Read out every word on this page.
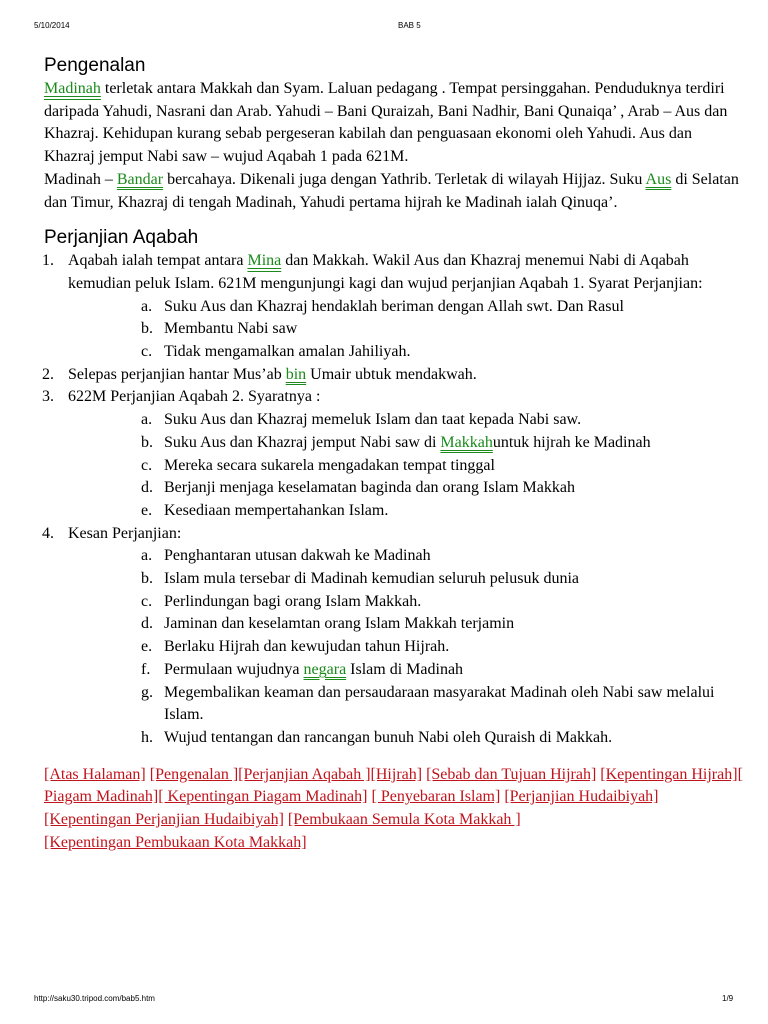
5/10/2014	BAB 5
Pengenalan

Madinah terletak antara Makkah dan Syam. Laluan pedagang . Tempat persinggahan. Penduduknya terdiri daripada Yahudi, Nasrani dan Arab. Yahudi – Bani Quraizah, Bani Nadhir, Bani Qunaiqa’ , Arab – Aus dan Khazraj. Kehidupan kurang sebab pergeseran kabilah dan penguasaan ekonomi oleh Yahudi. Aus dan Khazraj jemput Nabi saw – wujud Aqabah 1 pada 621M.

Madinah – Bandar bercahaya. Dikenali juga dengan Yathrib. Terletak di wilayah Hijjaz. Suku Aus di Selatan dan Timur, Khazraj di tengah Madinah, Yahudi pertama hijrah ke Madinah ialah Qinuqa’.

Perjanjian Aqabah
1. Aqabah ialah tempat antara Mina dan Makkah. Wakil Aus dan Khazraj menemui Nabi di Aqabah kemudian peluk Islam. 621M mengunjungi kagi dan wujud perjanjian Aqabah 1. Syarat Perjanjian:
a. Suku Aus dan Khazraj hendaklah beriman dengan Allah swt. Dan Rasul
b. Membantu Nabi saw
c. Tidak mengamalkan amalan Jahiliyah.
2. Selepas perjanjian hantar Mus’ab bin Umair ubtuk mendakwah.
3. 622M Perjanjian Aqabah 2. Syaratnya :
a. Suku Aus dan Khazraj memeluk Islam dan taat kepada Nabi saw.
b. Suku Aus dan Khazraj jemput Nabi saw di Makkahuntuk hijrah ke Madinah
c. Mereka secara sukarela mengadakan tempat tinggal
d. Berjanji menjaga keselamatan baginda dan orang Islam Makkah
e. Kesediaan mempertahankan Islam.
4. Kesan Perjanjian:
a. Penghantaran utusan dakwah ke Madinah
b. Islam mula tersebar di Madinah kemudian seluruh pelusuk dunia
c. Perlindungan bagi orang Islam Makkah.
d. Jaminan dan keselamtan orang Islam Makkah terjamin
e. Berlaku Hijrah dan kewujudan tahun Hijrah.
f. Permulaan wujudnya negara Islam di Madinah
g. Megembalikan keaman dan persaudaraan masyarakat Madinah oleh Nabi saw melalui Islam.
h. Wujud tentangan dan rancangan bunuh Nabi oleh Quraish di Makkah.
[Atas Halaman] [Pengenalan ][Perjanjian Aqabah ][Hijrah] [Sebab dan Tujuan Hijrah] [Kepentingan Hijrah][ Piagam Madinah][ Kepentingan Piagam Madinah] [ Penyebaran Islam] [Perjanjian Hudaibiyah] [Kepentingan Perjanjian Hudaibiyah] [Pembukaan Semula Kota Makkah ] [Kepentingan Pembukaan Kota Makkah]
http://saku30.tripod.com/bab5.htm	1/9
